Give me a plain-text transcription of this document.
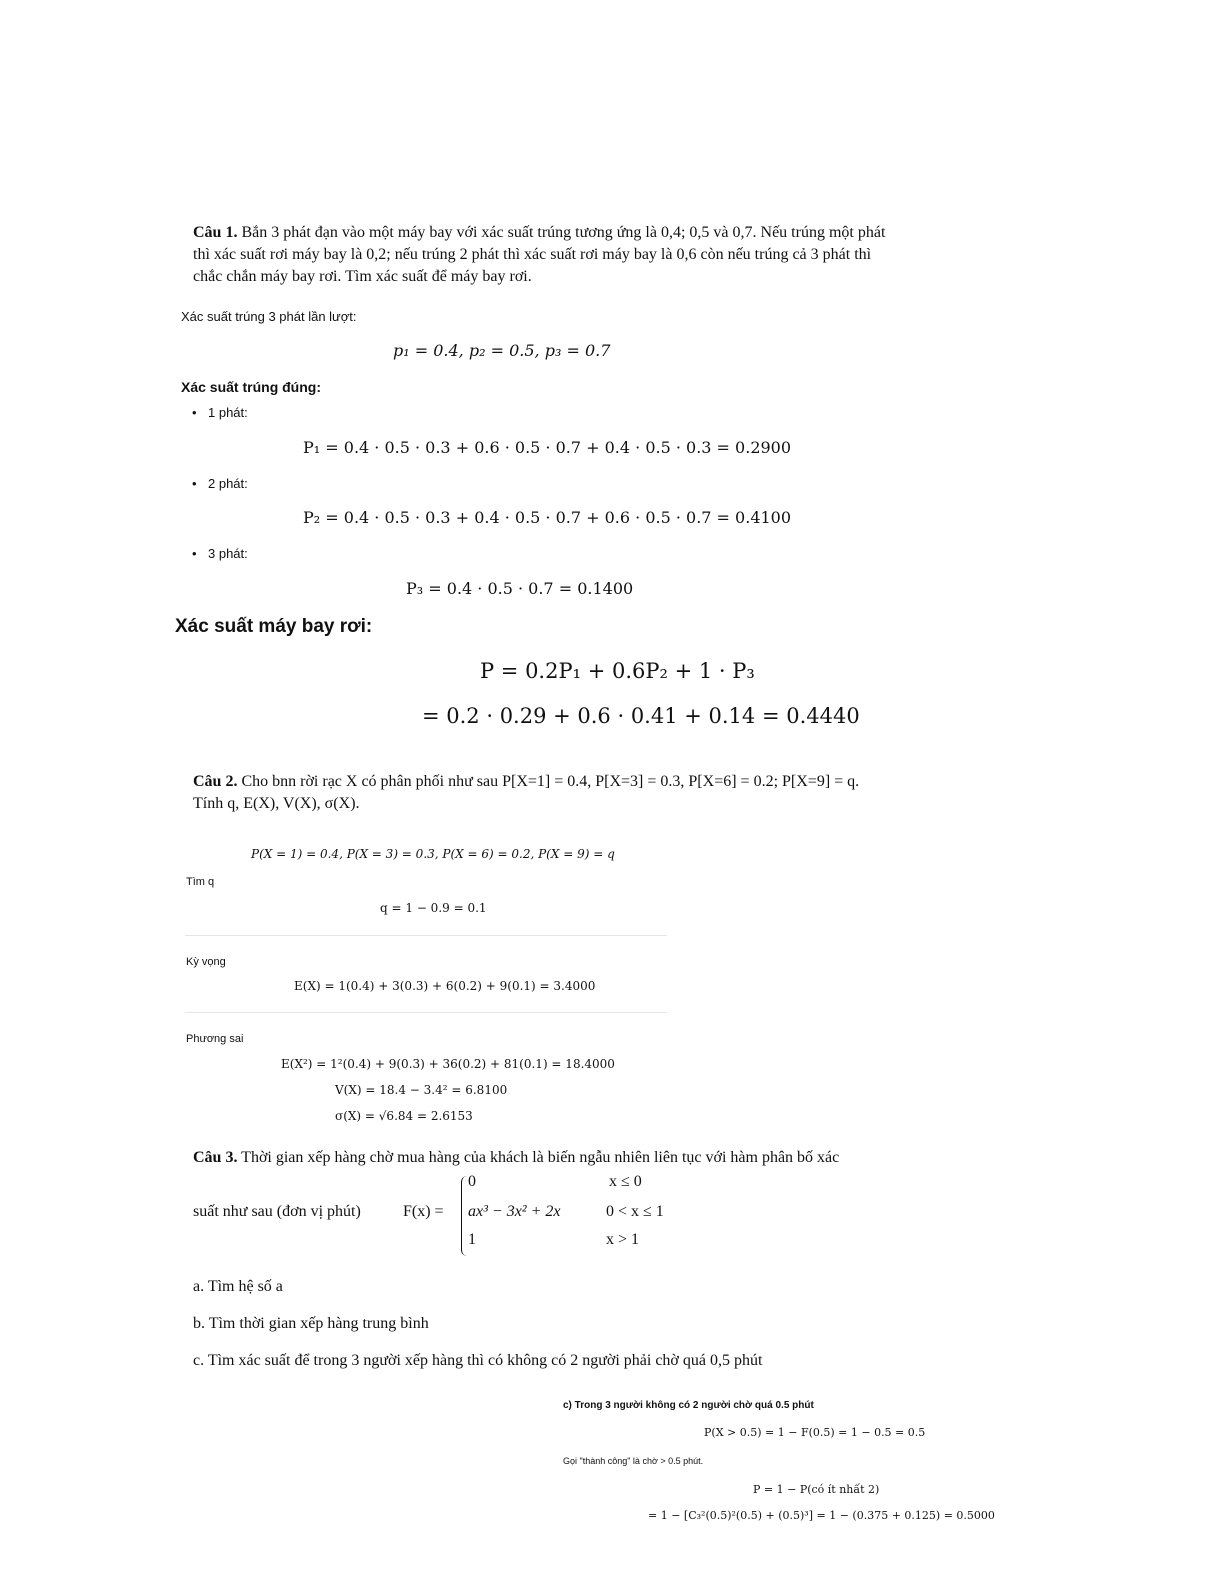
Câu 1. Bắn 3 phát đạn vào một máy bay với xác suất trúng tương ứng là 0,4; 0,5 và 0,7. Nếu trúng một phát thì xác suất rơi máy bay là 0,2; nếu trúng 2 phát thì xác suất rơi máy bay là 0,6 còn nếu trúng cả 3 phát thì chắc chắn máy bay rơi. Tìm xác suất để máy bay rơi.
Xác suất trúng 3 phát lần lượt:
p₁ = 0.4, p₂ = 0.5, p₃ = 0.7
Xác suất trúng đúng:
• 1 phát:
P₁ = 0.4 · 0.5 · 0.3 + 0.6 · 0.5 · 0.7 + 0.4 · 0.5 · 0.3 = 0.2900
• 2 phát:
P₂ = 0.4 · 0.5 · 0.3 + 0.4 · 0.5 · 0.7 + 0.6 · 0.5 · 0.7 = 0.4100
• 3 phát:
P₃ = 0.4 · 0.5 · 0.7 = 0.1400
Xác suất máy bay rơi:
P = 0.2P₁ + 0.6P₂ + 1 · P₃
= 0.2 · 0.29 + 0.6 · 0.41 + 0.14 = 0.4440
Câu 2. Cho bnn rời rạc X có phân phối như sau P[X=1] = 0.4, P[X=3] = 0.3, P[X=6] = 0.2; P[X=9] = q. Tính q, E(X), V(X), σ(X).
P(X = 1) = 0.4, P(X = 3) = 0.3, P(X = 6) = 0.2, P(X = 9) = q
Tìm q
q = 1 − 0.9 = 0.1
Kỳ vọng
E(X) = 1(0.4) + 3(0.3) + 6(0.2) + 9(0.1) = 3.4000
Phương sai
E(X²) = 1²(0.4) + 9(0.3) + 36(0.2) + 81(0.1) = 18.4000
V(X) = 18.4 − 3.4² = 6.8100
σ(X) = √6.84 = 2.6153
Câu 3. Thời gian xếp hàng chờ mua hàng của khách là biến ngẫu nhiên liên tục với hàm phân bố xác
suất như sau (đơn vị phút)	F(x) =
0	x ≤ 0
ax³ − 3x² + 2x	0 < x ≤ 1
1	x > 1
a. Tìm hệ số a
b. Tìm thời gian xếp hàng trung bình
c. Tìm xác suất để trong 3 người xếp hàng thì có không có 2 người phải chờ quá 0,5 phút
c) Trong 3 người không có 2 người chờ quá 0.5 phút
P(X > 0.5) = 1 − F(0.5) = 1 − 0.5 = 0.5
Gọi "thành công" là chờ > 0.5 phút.
P = 1 − P(có ít nhất 2)
= 1 − [C₃²(0.5)²(0.5) + (0.5)³] = 1 − (0.375 + 0.125) = 0.5000
